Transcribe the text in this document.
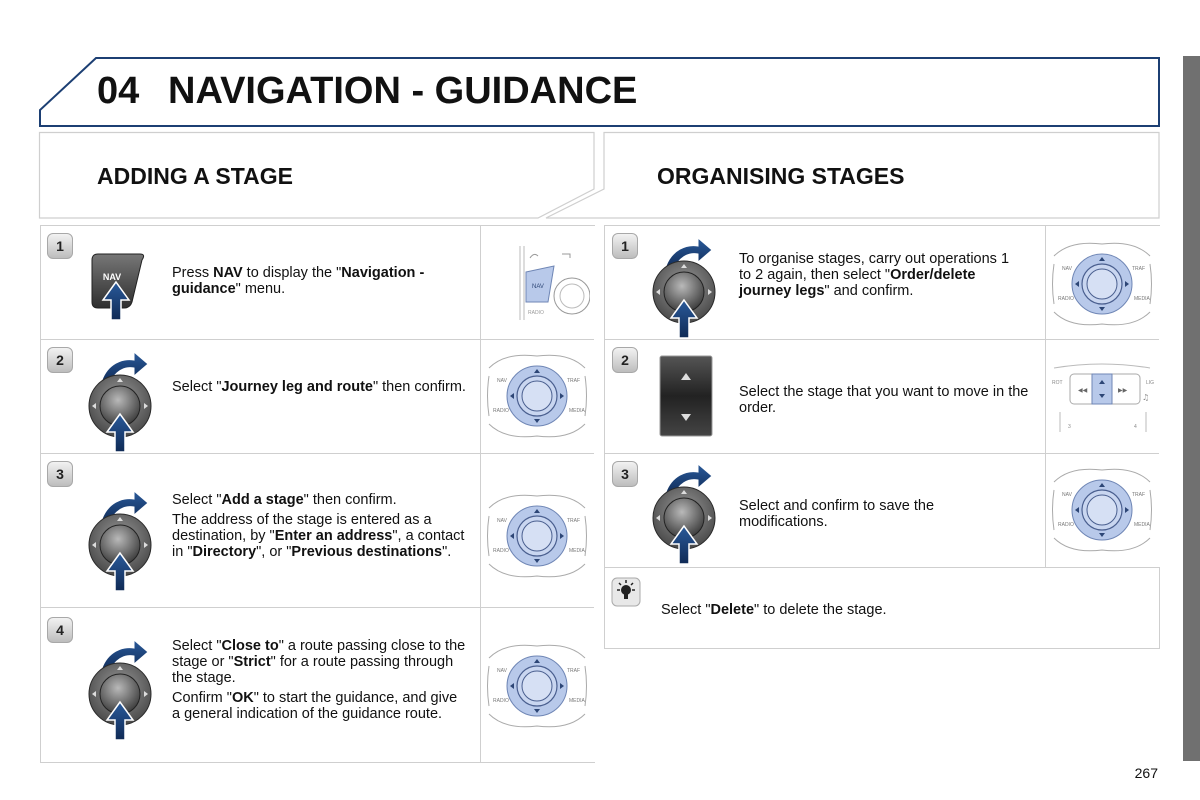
04 NAVIGATION - GUIDANCE
ADDING A STAGE	ORGANISING STAGES
1
NAV	Press NAV to display the "Navigation - guidance" menu.	NAV
RADIO
2
Select "Journey leg and route" then confirm.	NAV	TRAF
RADIO	MEDIA
3

Select "Add a stage" then confirm.

The address of the stage is entered as a destination, by "Enter an address", a contact in "Directory", or "Previous destinations".

NAV	TRAF
RADIO	MEDIA
4

Select "Close to" a route passing close to the stage or "Strict" for a route passing through the stage.

Confirm "OK" to start the guidance, and give a general indication of the guidance route.

NAV	TRAF
RADIO	MEDIA
1
To organise stages, carry out operations 1 to 2 again, then select "Order/delete journey legs" and confirm.
NAV	TRAF
RADIO	MEDIA
2
Select the stage that you want to move in the order.
◀◀	▶▶
ROT	LIG
♫
3	4
3
Select and confirm to save the modifications.
NAV	TRAF
RADIO	MEDIA
Select "Delete" to delete the stage.
267
